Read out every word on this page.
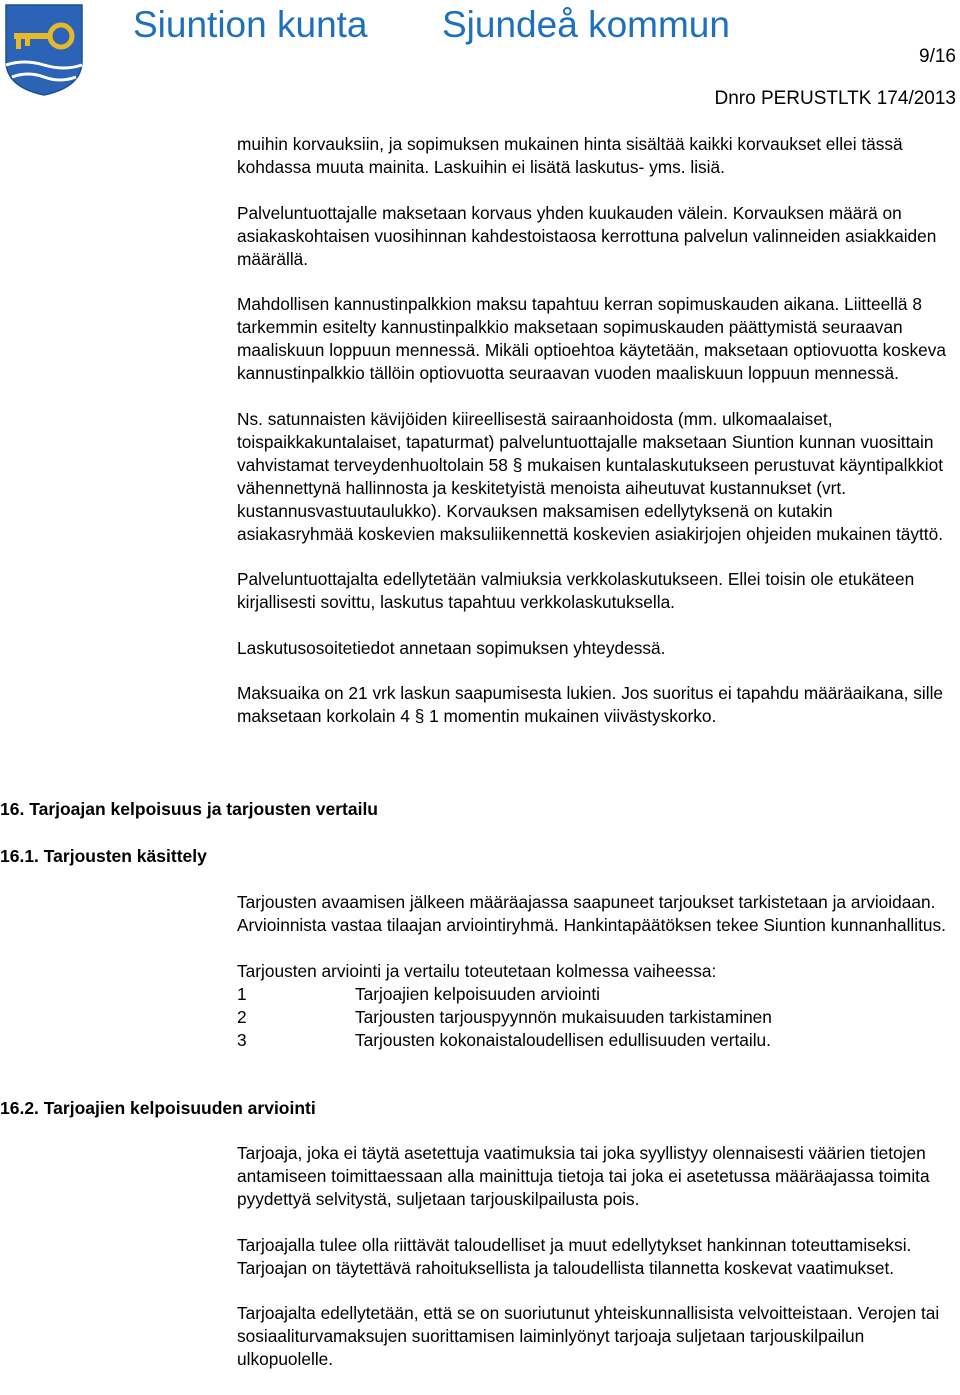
Siuntion kunta Sjundeå kommun
9/16
Dnro PERUSTLTK 174/2013

muihin korvauksiin, ja sopimuksen mukainen hinta sisältää kaikki korvaukset ellei tässä kohdassa muuta mainita. Laskuihin ei lisätä laskutus- yms. lisiä.

Palveluntuottajalle maksetaan korvaus yhden kuukauden välein. Korvauksen määrä on asiakaskohtaisen vuosihinnan kahdestoistaosa kerrottuna palvelun valinneiden asiakkaiden määrällä.

Mahdollisen kannustinpalkkion maksu tapahtuu kerran sopimuskauden aikana. Liitteellä 8 tarkemmin esitelty kannustinpalkkio maksetaan sopimuskauden päättymistä seuraavan maaliskuun loppuun mennessä. Mikäli optioehtoa käytetään, maksetaan optiovuotta koskeva kannustinpalkkio tällöin optiovuotta seuraavan vuoden maaliskuun loppuun mennessä.

Ns. satunnaisten kävijöiden kiireellisestä sairaanhoidosta (mm. ulkomaalaiset, toispaikkakuntalaiset, tapaturmat) palveluntuottajalle maksetaan Siuntion kunnan vuosittain vahvistamat terveydenhuoltolain 58 § mukaisen kuntalaskutukseen perustuvat käyntipalkkiot vähennettynä hallinnosta ja keskitetyistä menoista aiheutuvat kustannukset (vrt. kustannusvastuutaulukko). Korvauksen maksamisen edellytyksenä on kutakin asiakasryhmää koskevien maksuliikennettä koskevien asiakirjojen ohjeiden mukainen täyttö.

Palveluntuottajalta edellytetään valmiuksia verkkolaskutukseen. Ellei toisin ole etukäteen kirjallisesti sovittu, laskutus tapahtuu verkkolaskutuksella.

Laskutusosoitetiedot annetaan sopimuksen yhteydessä.

Maksuaika on 21 vrk laskun saapumisesta lukien. Jos suoritus ei tapahdu määräaikana, sille maksetaan korkolain 4 § 1 momentin mukainen viivästyskorko.

16. Tarjoajan kelpoisuus ja tarjousten vertailu
16.1. Tarjousten käsittely

Tarjousten avaamisen jälkeen määräajassa saapuneet tarjoukset tarkistetaan ja arvioidaan. Arvioinnista vastaa tilaajan arviointiryhmä. Hankintapäätöksen tekee Siuntion kunnanhallitus.

Tarjousten arviointi ja vertailu toteutetaan kolmessa vaiheessa:
1	Tarjoajien kelpoisuuden arviointi
2	Tarjousten tarjouspyynnön mukaisuuden tarkistaminen
3	Tarjousten kokonaistaloudellisen edullisuuden vertailu.
16.2. Tarjoajien kelpoisuuden arviointi

Tarjoaja, joka ei täytä asetettuja vaatimuksia tai joka syyllistyy olennaisesti väärien tietojen antamiseen toimittaessaan alla mainittuja tietoja tai joka ei asetetussa määräajassa toimita pyydettyä selvitystä, suljetaan tarjouskilpailusta pois.

Tarjoajalla tulee olla riittävät taloudelliset ja muut edellytykset hankinnan toteuttamiseksi. Tarjoajan on täytettävä rahoituksellista ja taloudellista tilannetta koskevat vaatimukset.

Tarjoajalta edellytetään, että se on suoriutunut yhteiskunnallisista velvoitteistaan. Verojen tai sosiaaliturvamaksujen suorittamisen laiminlyönyt tarjoaja suljetaan tarjouskilpailun ulkopuolelle.
